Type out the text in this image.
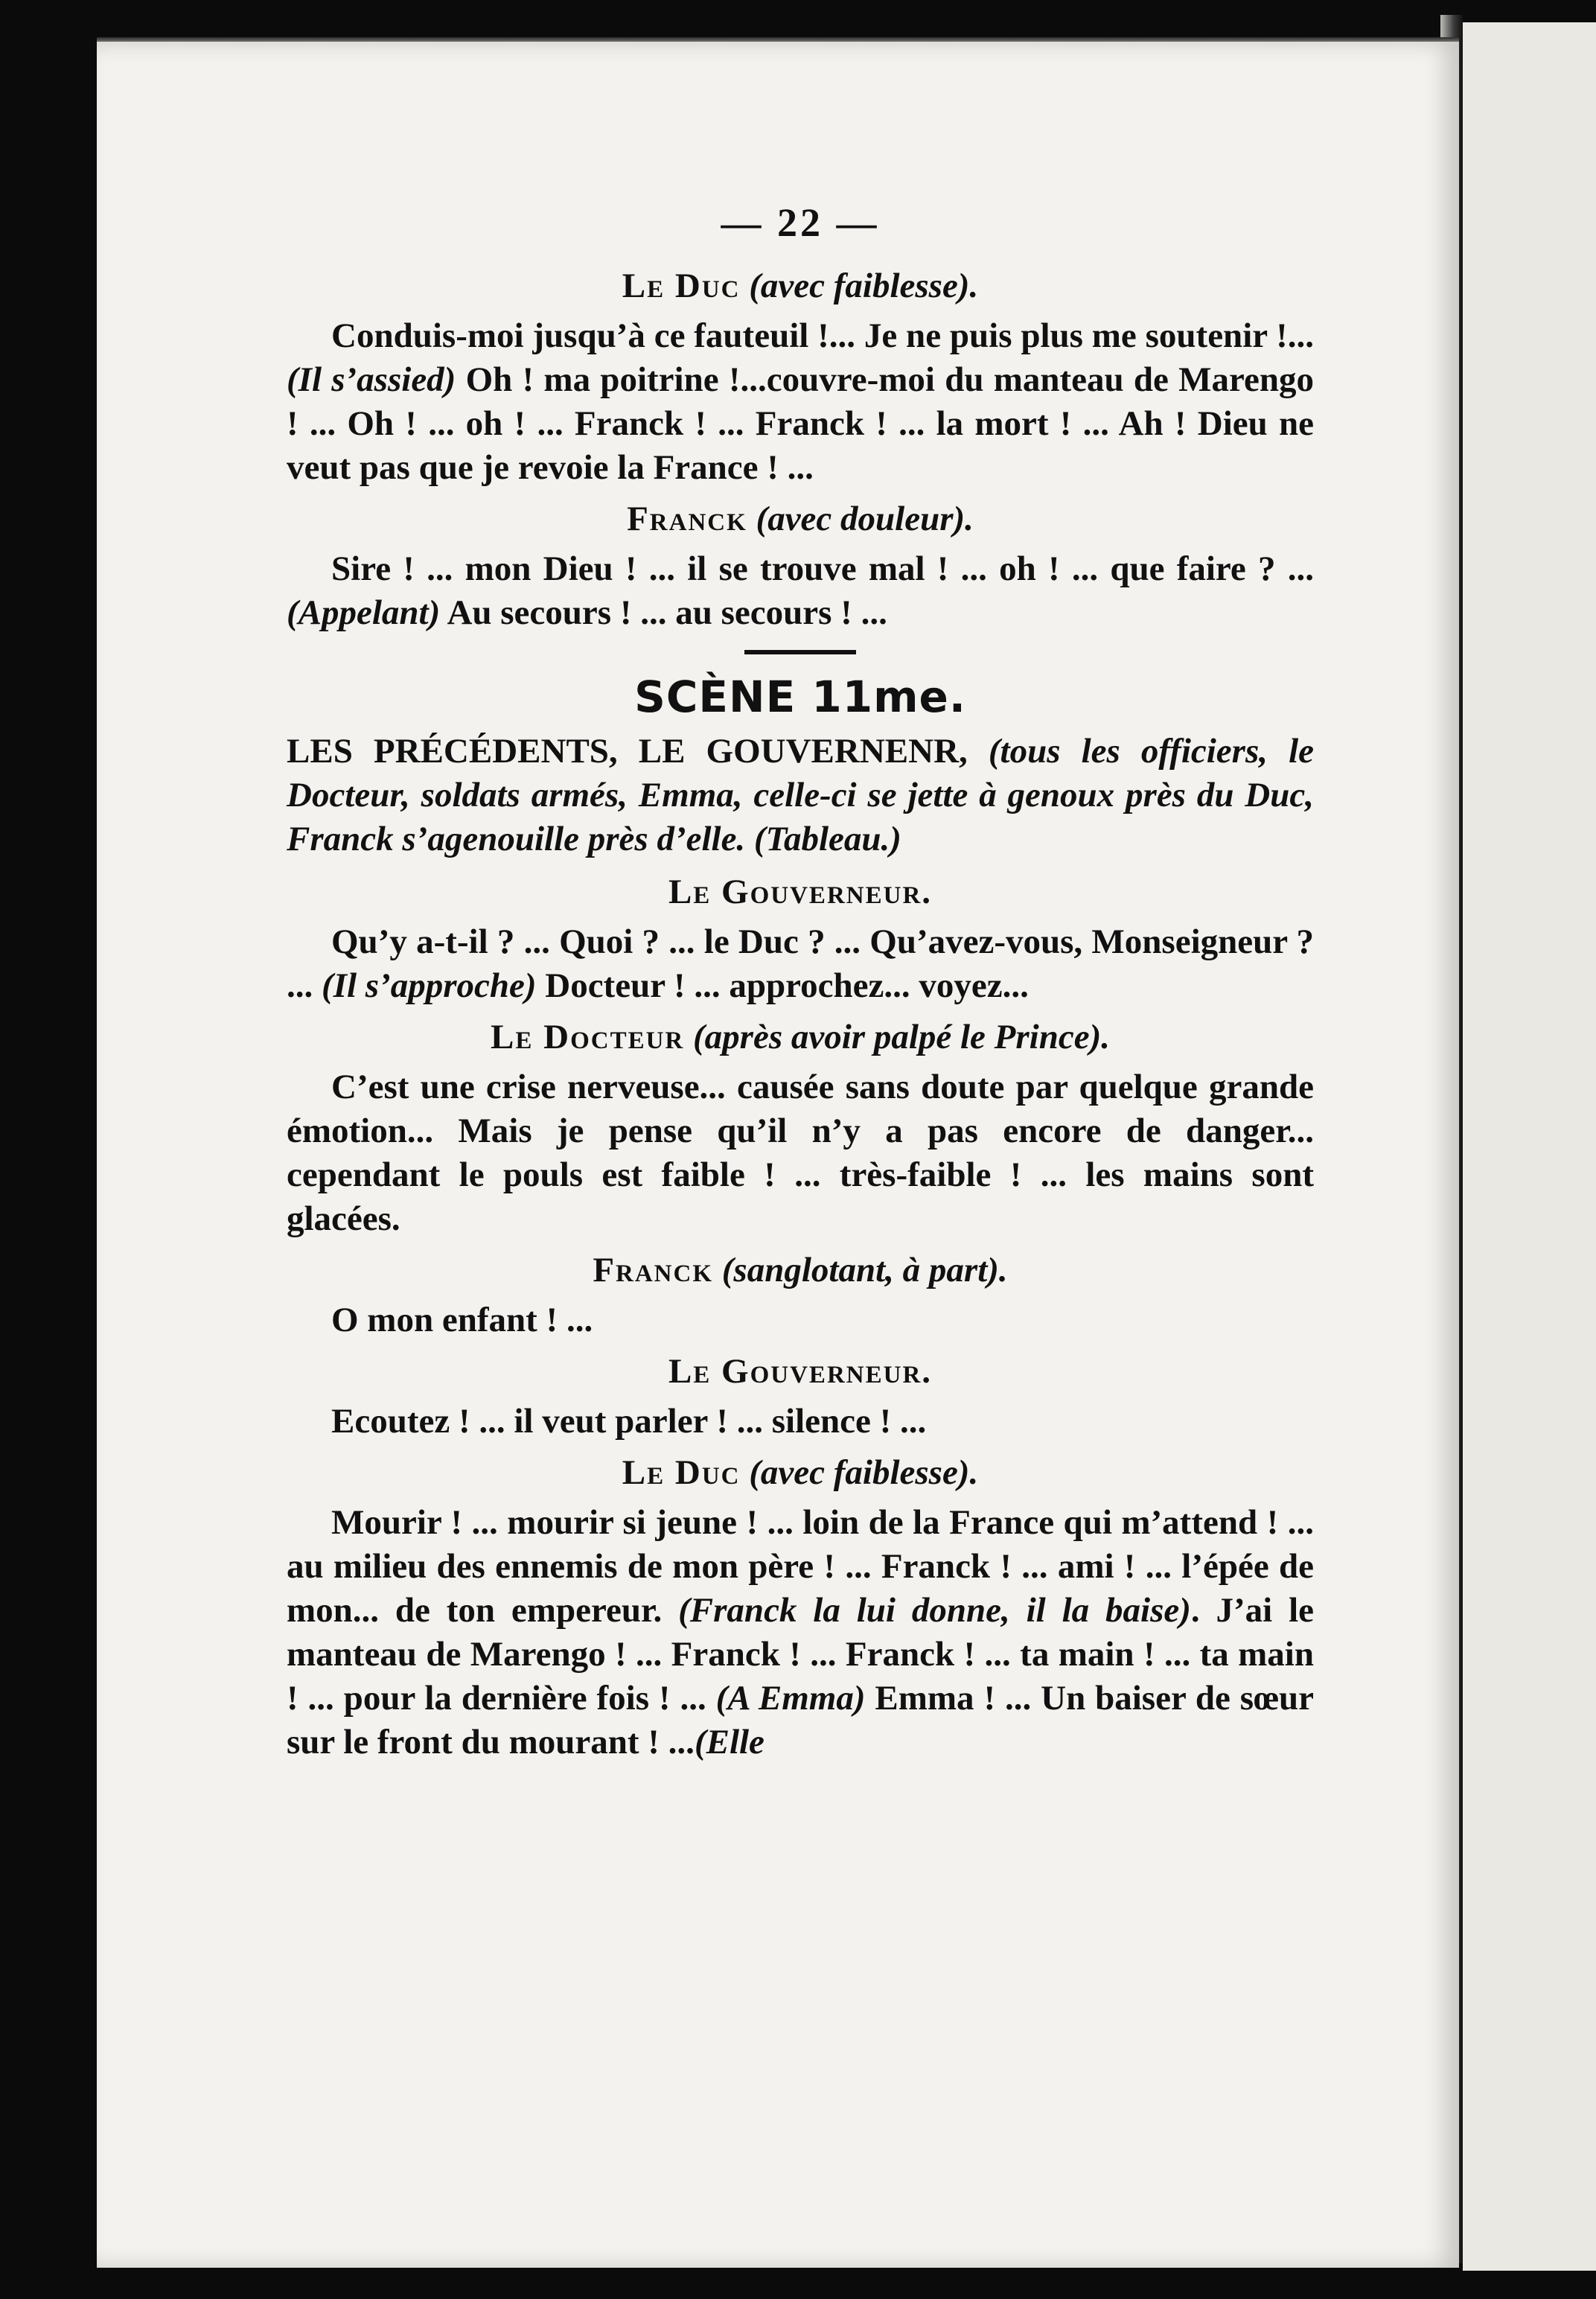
— 22 —
Le Duc (avec faiblesse).
Conduis-moi jusqu’à ce fauteuil !... Je ne puis plus me soutenir !...(Il s’assied) Oh ! ma poitrine !...couvre-moi du manteau de Marengo ! ... Oh ! ... oh ! ... Franck ! ... Franck ! ... la mort ! ... Ah ! Dieu ne veut pas que je revoie la France ! ...
Franck (avec douleur).
Sire ! ... mon Dieu ! ... il se trouve mal ! ... oh ! ... que faire ? ... (Appelant) Au secours ! ... au secours ! ...
SCÈNE 11me.
LES PRÉCÉDENTS, LE GOUVERNENR, (tous les officiers, le Docteur, soldats armés, Emma, celle-ci se jette à genoux près du Duc, Franck s’agenouille près d’elle. (Tableau.)
Le Gouverneur.
Qu’y a-t-il ? ... Quoi ? ... le Duc ? ... Qu’avez-vous, Monseigneur ? ... (Il s’approche) Docteur ! ... approchez... voyez...
Le Docteur (après avoir palpé le Prince).
C’est une crise nerveuse... causée sans doute par quelque grande émotion... Mais je pense qu’il n’y a pas encore de danger... cependant le pouls est faible ! ... très-faible ! ... les mains sont glacées.
Franck (sanglotant, à part).
O mon enfant ! ...
Le Gouverneur.
Ecoutez ! ... il veut parler ! ... silence ! ...
Le Duc (avec faiblesse).
Mourir ! ... mourir si jeune ! ... loin de la France qui m’attend ! ... au milieu des ennemis de mon père ! ... Franck ! ... ami ! ... l’épée de mon... de ton empereur. (Franck la lui donne, il la baise). J’ai le manteau de Marengo ! ... Franck ! ... Franck ! ... ta main ! ... ta main ! ... pour la dernière fois ! ... (A Emma) Emma ! ... Un baiser de sœur sur le front du mourant ! ...(Elle
